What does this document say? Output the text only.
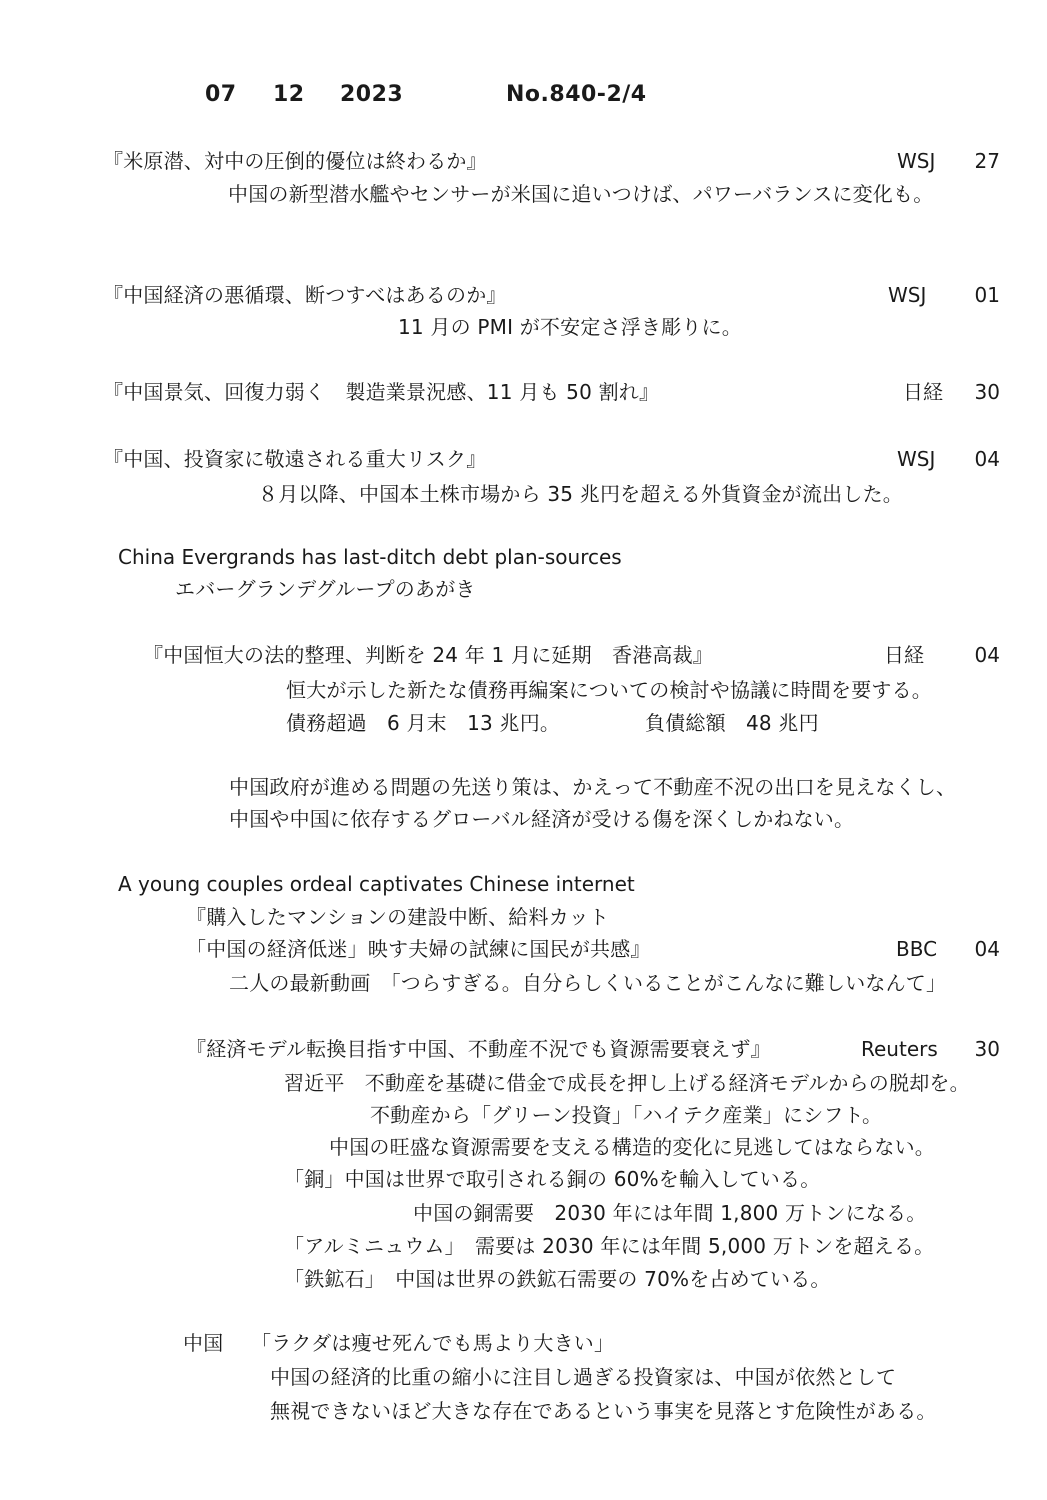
07 12 2023	No.840-2/4
『米原潜、対中の圧倒的優位は終わるか』	WSJ 27
中国の新型潜水艦やセンサーが米国に追いつけば、パワーバランスに変化も。
『中国経済の悪循環、断つすべはあるのか』	WSJ 01
11 月の PMI が不安定さ浮き彫りに。
『中国景気、回復力弱く　製造業景況感、11 月も 50 割れ』	日経 30
『中国、投資家に敬遠される重大リスク』	WSJ 04
８月以降、中国本土株市場から 35 兆円を超える外貨資金が流出した。
China Evergrands has last-ditch debt plan-sources
エバーグランデグループのあがき
『中国恒大の法的整理、判断を 24 年 1 月に延期　香港高裁』	日経	04
恒大が示した新たな債務再編案についての検討や協議に時間を要する。
債務超過　6 月末　13 兆円。	負債総額　48 兆円
中国政府が進める問題の先送り策は、かえって不動産不況の出口を見えなくし、
中国や中国に依存するグローバル経済が受ける傷を深くしかねない。
A young couples ordeal captivates Chinese internet
『購入したマンションの建設中断、給料カット
「中国の経済低迷」映す夫婦の試練に国民が共感』	BBC 04
二人の最新動画　「つらすぎる。自分らしくいることがこんなに難しいなんて」
『経済モデル転換目指す中国、不動産不況でも資源需要衰えず』	Reuters 30
習近平　不動産を基礎に借金で成長を押し上げる経済モデルからの脱却を。
不動産から「グリーン投資」「ハイテク産業」にシフト。
中国の旺盛な資源需要を支える構造的変化に見逃してはならない。
「銅」中国は世界で取引される銅の 60%を輸入している。
中国の銅需要　2030 年には年間 1,800 万トンになる。
「アルミニュウム」　需要は 2030 年には年間 5,000 万トンを超える。
「鉄鉱石」　中国は世界の鉄鉱石需要の 70%を占めている。
中国 「ラクダは痩せ死んでも馬より大きい」
中国の経済的比重の縮小に注目し過ぎる投資家は、中国が依然として
無視できないほど大きな存在であるという事実を見落とす危険性がある。
